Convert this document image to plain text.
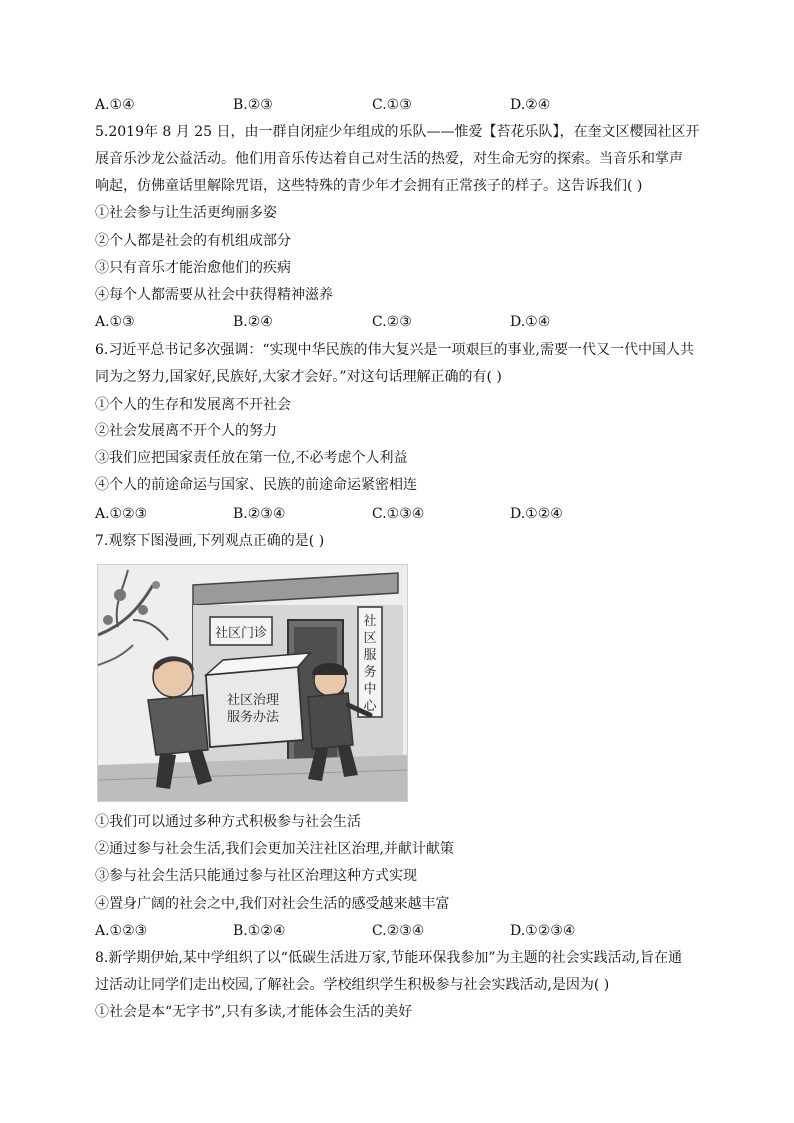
A.①④	B.②③	C.①③	D.②④
5.2019年 8 月 25 日，由一群自闭症少年组成的乐队——惟爱【苔花乐队】，在奎文区樱园社区开
展音乐沙龙公益活动。他们用音乐传达着自己对生活的热爱，对生命无穷的探索。当音乐和掌声
响起，仿佛童话里解除咒语，这些特殊的青少年才会拥有正常孩子的样子。这告诉我们( )
①社会参与让生活更绚丽多姿
②个人都是社会的有机组成部分
③只有音乐才能治愈他们的疾病
④每个人都需要从社会中获得精神滋养
A.①③	B.②④	C.②③	D.①④
6.习近平总书记多次强调：“实现中华民族的伟大复兴是一项艰巨的事业,需要一代又一代中国人共
同为之努力,国家好,民族好,大家才会好。”对这句话理解正确的有( )
①个人的生存和发展离不开社会
②社会发展离不开个人的努力
③我们应把国家责任放在第一位,不必考虑个人利益
④个人的前途命运与国家、民族的前途命运紧密相连
A.①②③	B.②③④	C.①③④	D.①②④
7.观察下图漫画,下列观点正确的是( )
社区门诊
社
区
服
务
中
心
社区治理
服务办法
①我们可以通过多种方式积极参与社会生活
②通过参与社会生活,我们会更加关注社区治理,并献计献策
③参与社会生活只能通过参与社区治理这种方式实现
④置身广阔的社会之中,我们对社会生活的感受越来越丰富
A.①②③	B.①②④	C.②③④	D.①②③④
8.新学期伊始,某中学组织了以“低碳生活进万家,节能环保我参加”为主题的社会实践活动,旨在通
过活动让同学们走出校园,了解社会。学校组织学生积极参与社会实践活动,是因为( )
①社会是本“无字书”,只有多读,才能体会生活的美好
